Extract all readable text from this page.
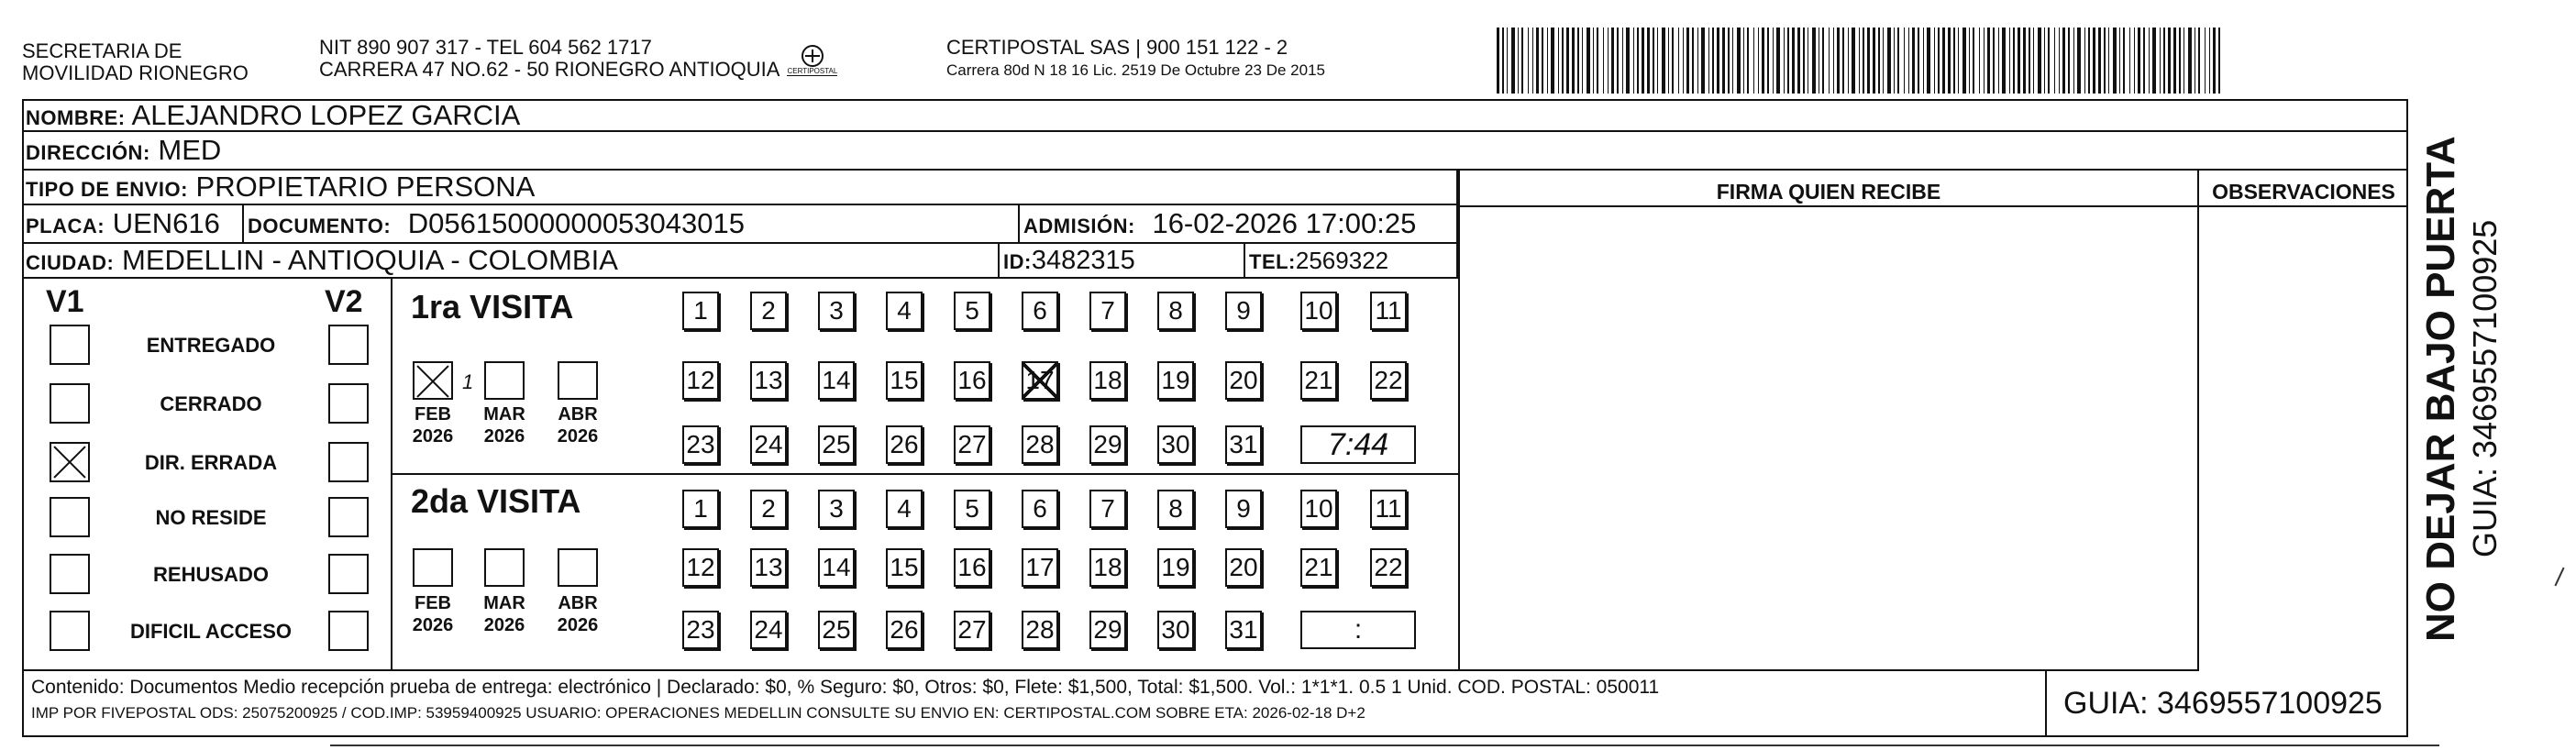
SECRETARIA DE
MOVILIDAD RIONEGRO
NIT 890 907 317 - TEL 604 562 1717
CARRERA 47 NO.62 - 50 RIONEGRO ANTIOQUIA CERTIPOSTAL
CERTIPOSTAL SAS | 900 151 122 - 2
Carrera 80d N 18 16 Lic. 2519 De Octubre 23 De 2015
NOMBRE: ALEJANDRO LOPEZ GARCIA
DIRECCIÓN: MED
TIPO DE ENVIO: PROPIETARIO PERSONA
PLACA: UEN616	DOCUMENTO: D05615000000053043015	ADMISIÓN: 16-02-2026 17:00:25
CIUDAD: MEDELLIN - ANTIOQUIA - COLOMBIA	ID:3482315	TEL:2569322
FIRMA QUIEN RECIBE	OBSERVACIONES
V1	V2
ENTREGADO
CERRADO
DIR. ERRADA
NO RESIDE
REHUSADO
DIFICIL ACCESO
1ra VISITA
1
FEB
2026
MAR
2026
ABR
2026
2da VISITA
FEB
2026
MAR
2026
ABR
2026
1	2	3	4	5	6	7	8	9	10 11
12 13 14 15 16 17 18 19 20 21 22
23 24 25 26 27 28 29 30 31	7:44
1	2	3	4	5	6	7	8	9	10 11
12 13 14 15 16 17 18 19 20 21 22
23 24 25 26 27 28 29 30 31	:
Contenido: Documentos Medio recepción prueba de entrega: electrónico | Declarado: $0, % Seguro: $0, Otros: $0, Flete: $1,500, Total: $1,500. Vol.: 1*1*1. 0.5 1 Unid. COD. POSTAL: 050011
IMP POR FIVEPOSTAL ODS: 25075200925 / COD.IMP: 53959400925 USUARIO: OPERACIONES MEDELLIN CONSULTE SU ENVIO EN: CERTIPOSTAL.COM SOBRE ETA: 2026-02-18 D+2	GUIA: 3469557100925
NO DEJAR BAJO PUERTA GUIA: 3469557100925
